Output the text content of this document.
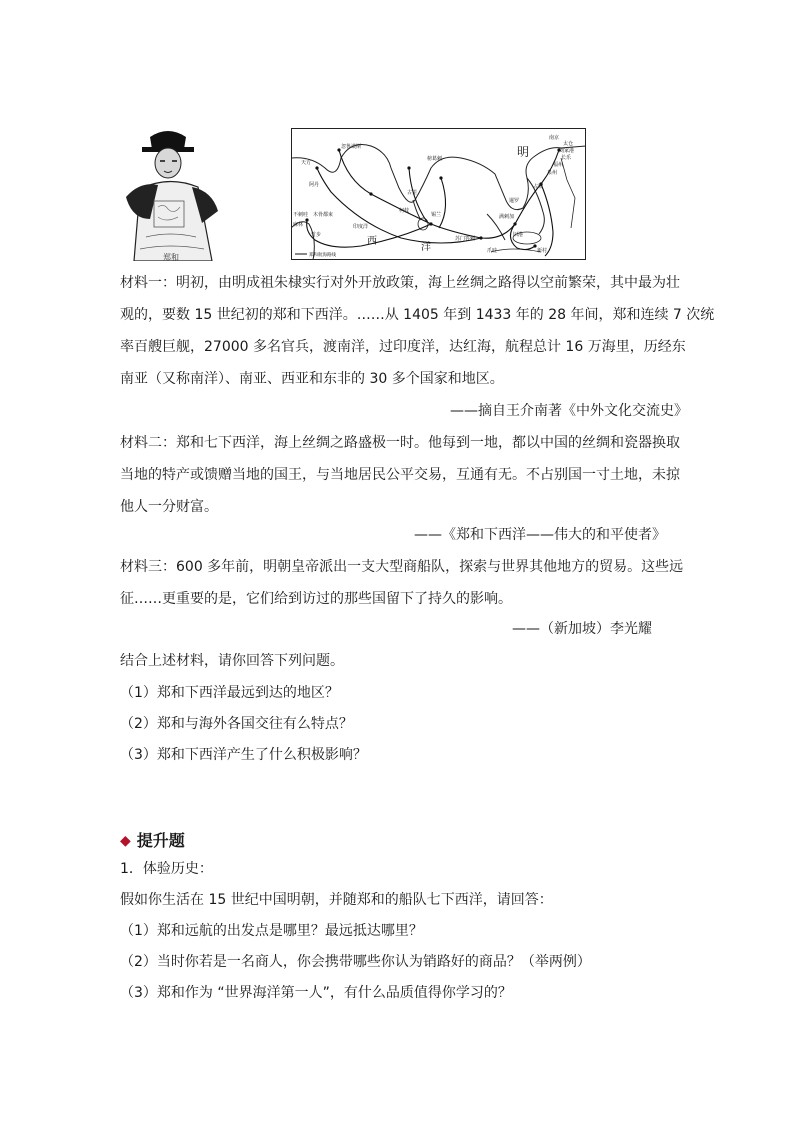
郑和
明
南京
太仓
刘家港
长乐
福州
泉州
忽鲁谟斯
天方
阿丹
不刺哇 木骨都束
麻林
竹步
古里
柯枝
锡兰
榜葛剌
苏门答剌
满剌加
占城
暹罗
旧港
新村
爪哇
西
洋
印度洋
郑和航海路线
材料一：明初，由明成祖朱棣实行对外开放政策，海上丝绸之路得以空前繁荣，其中最为壮
观的，要数 15 世纪初的郑和下西洋。……从 1405 年到 1433 年的 28 年间，郑和连续 7 次统
率百艘巨舰，27000 多名官兵，渡南洋，过印度洋，达红海，航程总计 16 万海里，历经东
南亚（又称南洋）、南亚、西亚和东非的 30 多个国家和地区。
——摘自王介南著《中外文化交流史》
材料二：郑和七下西洋，海上丝绸之路盛极一时。他每到一地，都以中国的丝绸和瓷器换取
当地的特产或馈赠当地的国王，与当地居民公平交易，互通有无。不占别国一寸土地，未掠
他人一分财富。
——《郑和下西洋——伟大的和平使者》
材料三：600 多年前，明朝皇帝派出一支大型商船队，探索与世界其他地方的贸易。这些远
征……更重要的是，它们给到访过的那些国留下了持久的影响。
——（新加坡）李光耀
结合上述材料，请你回答下列问题。
（1）郑和下西洋最远到达的地区？
（2）郑和与海外各国交往有么特点？
（3）郑和下西洋产生了什么积极影响？
◆ 提升题
1．体验历史：
假如你生活在 15 世纪中国明朝，并随郑和的船队七下西洋，请回答：
（1）郑和远航的出发点是哪里？最远抵达哪里？
（2）当时你若是一名商人，你会携带哪些你认为销路好的商品？（举两例）
（3）郑和作为 “世界海洋第一人”，有什么品质值得你学习的？
